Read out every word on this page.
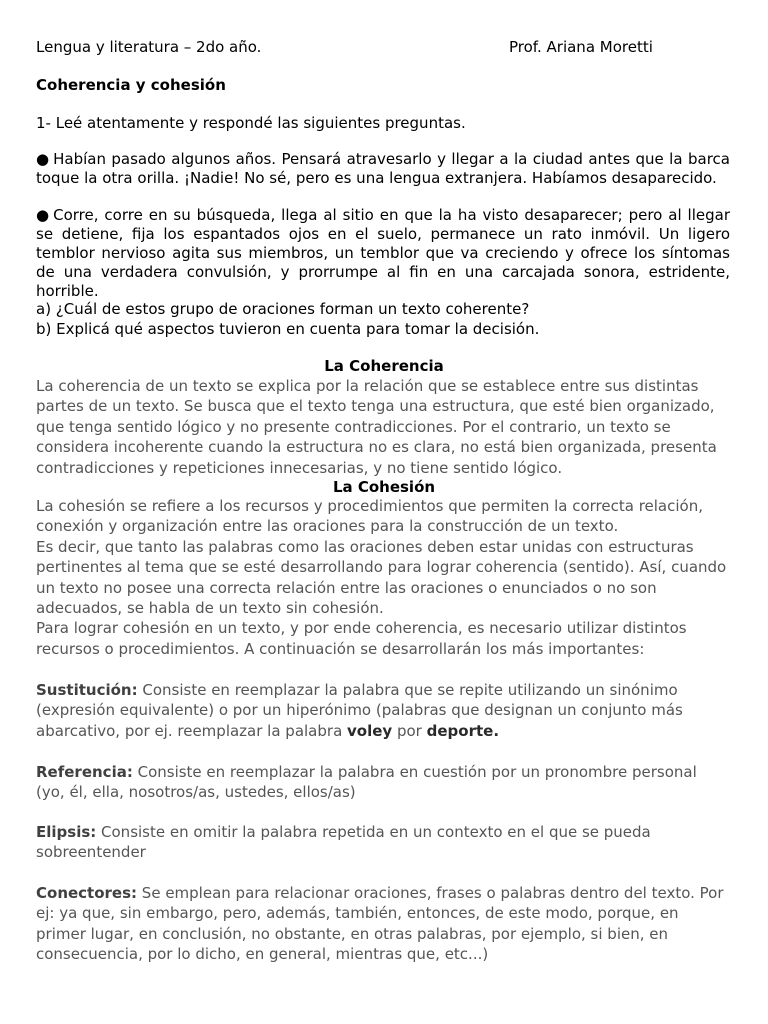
Lengua y literatura – 2do año.	Prof. Ariana Moretti
Coherencia y cohesión
1- Leé atentamente y respondé las siguientes preguntas.
● Habían pasado algunos años. Pensará atravesarlo y llegar a la ciudad antes que la barca
toque la otra orilla. ¡Nadie! No sé, pero es una lengua extranjera. Habíamos desaparecido.
● Corre, corre en su búsqueda, llega al sitio en que la ha visto desaparecer; pero al llegar
se detiene, fija los espantados ojos en el suelo, permanece un rato inmóvil. Un ligero
temblor nervioso agita sus miembros, un temblor que va creciendo y ofrece los síntomas
de una verdadera convulsión, y prorrumpe al fin en una carcajada sonora, estridente,
horrible.
a) ¿Cuál de estos grupo de oraciones forman un texto coherente?
b) Explicá qué aspectos tuvieron en cuenta para tomar la decisión.
La Coherencia
La coherencia de un texto se explica por la relación que se establece entre sus distintas
partes de un texto. Se busca que el texto tenga una estructura, que esté bien organizado,
que tenga sentido lógico y no presente contradicciones. Por el contrario, un texto se
considera incoherente cuando la estructura no es clara, no está bien organizada, presenta
contradicciones y repeticiones innecesarias, y no tiene sentido lógico.
La Cohesión
La cohesión se refiere a los recursos y procedimientos que permiten la correcta relación,
conexión y organización entre las oraciones para la construcción de un texto.
Es decir, que tanto las palabras como las oraciones deben estar unidas con estructuras
pertinentes al tema que se esté desarrollando para lograr coherencia (sentido). Así, cuando
un texto no posee una correcta relación entre las oraciones o enunciados o no son
adecuados, se habla de un texto sin cohesión.
Para lograr cohesión en un texto, y por ende coherencia, es necesario utilizar distintos
recursos o procedimientos. A continuación se desarrollarán los más importantes:
Sustitución: Consiste en reemplazar la palabra que se repite utilizando un sinónimo
(expresión equivalente) o por un hiperónimo (palabras que designan un conjunto más
abarcativo, por ej. reemplazar la palabra voley por deporte.
Referencia: Consiste en reemplazar la palabra en cuestión por un pronombre personal
(yo, él, ella, nosotros/as, ustedes, ellos/as)
Elipsis: Consiste en omitir la palabra repetida en un contexto en el que se pueda
sobreentender
Conectores: Se emplean para relacionar oraciones, frases o palabras dentro del texto. Por
ej: ya que, sin embargo, pero, además, también, entonces, de este modo, porque, en
primer lugar, en conclusión, no obstante, en otras palabras, por ejemplo, si bien, en
consecuencia, por lo dicho, en general, mientras que, etc...)
